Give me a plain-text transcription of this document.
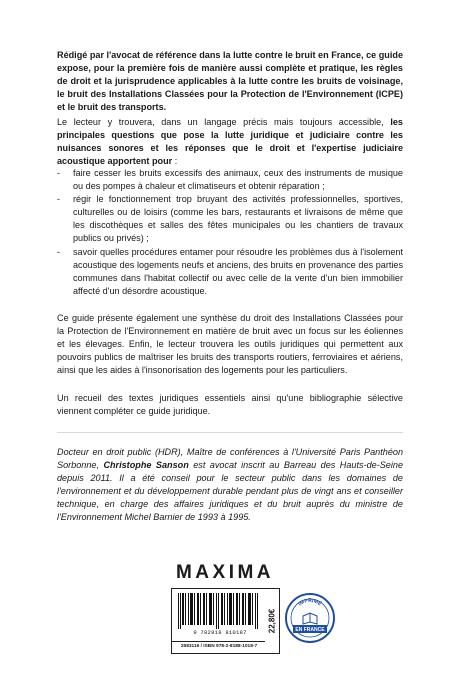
Rédigé par l'avocat de référence dans la lutte contre le bruit en France, ce guide expose, pour la première fois de manière aussi complète et pratique, les règles de droit et la jurisprudence applicables à la lutte contre les bruits de voisinage, le bruit des Installations Classées pour la Protection de l'Environnement (ICPE) et le bruit des transports.

Le lecteur y trouvera, dans un langage précis mais toujours accessible, les principales questions que pose la lutte juridique et judiciaire contre les nuisances sonores et les réponses que le droit et l'expertise judiciaire acoustique apportent pour :

- faire cesser les bruits excessifs des animaux, ceux des instruments de musique ou des pompes à chaleur et climatiseurs et obtenir réparation ;
- régir le fonctionnement trop bruyant des activités professionnelles, sportives, culturelles ou de loisirs (comme les bars, restaurants et livraisons de même que les discothèques et salles des fêtes municipales ou les chantiers de travaux publics ou privés) ;
- savoir quelles procédures entamer pour résoudre les problèmes dus à l'isolement acoustique des logements neufs et anciens, des bruits en provenance des parties communes dans l'habitat collectif ou avec celle de la vente d'un bien immobilier affecté d'un désordre acoustique.

Ce guide présente également une synthèse du droit des Installations Classées pour la Protection de l'Environnement en matière de bruit avec un focus sur les éoliennes et les élevages. Enfin, le lecteur trouvera les outils juridiques qui permettent aux pouvoirs publics de maîtriser les bruits des transports routiers, ferroviaires et aériens, ainsi que les aides à l'insonorisation des logements pour les particuliers.

Un recueil des textes juridiques essentiels ainsi qu'une bibliographie sélective viennent compléter ce guide juridique.

Docteur en droit public (HDR), Maître de conférences à l'Université Paris Panthéon Sorbonne, Christophe Sanson est avocat inscrit au Barreau des Hauts-de-Seine depuis 2011. Il a été conseil pour le secteur public dans les domaines de l'environnement et du développement durable pendant plus de vingt ans et conseiller technique, en charge des affaires juridiques et du bruit auprès du ministre de l'Environnement Michel Barnier de 1993 à 1995.

MAXIMA
9 782818 810187
2583116 / ISBN 978-2-8188-1018-7
22,80€
IMPRIMÉ
EN FRANCE
